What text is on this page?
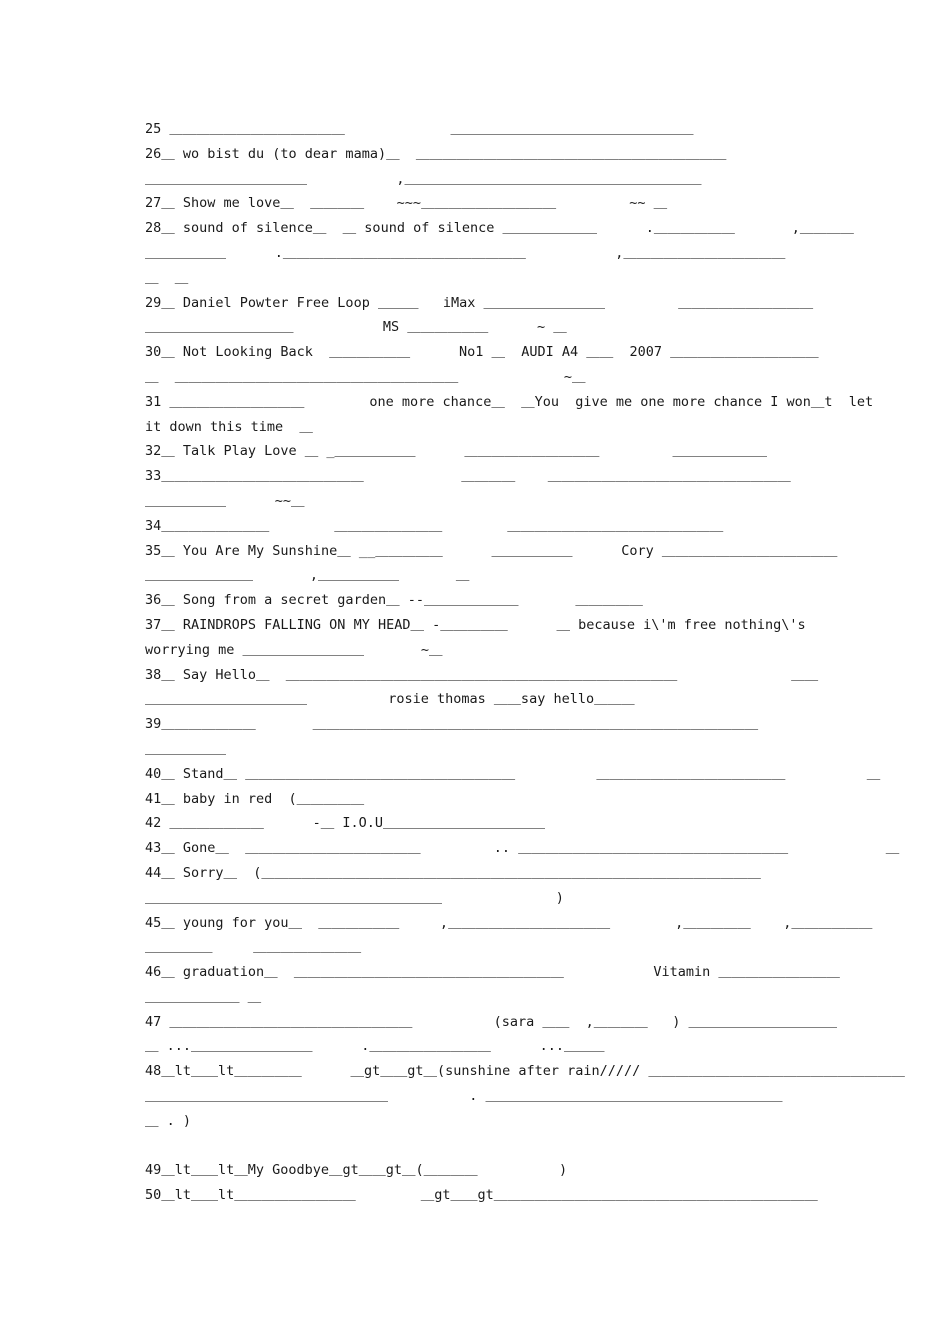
25 ＿＿＿＿＿＿＿＿＿＿＿＿＿             ＿＿＿＿＿＿＿＿＿＿＿＿＿＿＿＿＿＿
26＿ wo bist du (to dear mama)＿  ＿＿＿＿＿＿＿＿＿＿＿＿＿＿＿＿＿＿＿＿＿＿＿
＿＿＿＿＿＿＿＿＿＿＿＿           ,＿＿＿＿＿＿＿＿＿＿＿＿＿＿＿＿＿＿＿＿＿＿
27＿ Show me love＿  ＿＿＿＿    ~~~＿＿＿＿＿＿＿＿＿＿         ~~ ＿
28＿ sound of silence＿  ＿ sound of silence ＿＿＿＿＿＿＿      .＿＿＿＿＿＿       ,＿＿＿＿
＿＿＿＿＿＿      .＿＿＿＿＿＿＿＿＿＿＿＿＿＿＿＿＿＿           ,＿＿＿＿＿＿＿＿＿＿＿＿
＿  ＿
29＿ Daniel Powter Free Loop ＿＿＿   iMax ＿＿＿＿＿＿＿＿＿         ＿＿＿＿＿＿＿＿＿＿
＿＿＿＿＿＿＿＿＿＿＿           MS ＿＿＿＿＿＿      ~ ＿
30＿ Not Looking Back  ＿＿＿＿＿＿      No1 ＿  AUDI A4 ＿＿  2007 ＿＿＿＿＿＿＿＿＿＿＿
＿  ＿＿＿＿＿＿＿＿＿＿＿＿＿＿＿＿＿＿＿＿＿             ~＿
31 ＿＿＿＿＿＿＿＿＿＿        one more chance＿  ＿You  give me one more chance I won＿t  let
it down this time  ＿
32＿ Talk Play Love ＿ _＿＿＿＿＿＿      ＿＿＿＿＿＿＿＿＿＿         ＿＿＿＿＿＿＿
33＿＿＿＿＿＿＿＿＿＿＿＿＿＿＿            ＿＿＿＿    ＿＿＿＿＿＿＿＿＿＿＿＿＿＿＿＿＿＿
＿＿＿＿＿＿      ~~＿
34＿＿＿＿＿＿＿＿        ＿＿＿＿＿＿＿＿        ＿＿＿＿＿＿＿＿＿＿＿＿＿＿＿＿
35＿ You Are My Sunshine＿ __＿＿＿＿＿      ＿＿＿＿＿＿      Cory ＿＿＿＿＿＿＿＿＿＿＿＿＿
＿＿＿＿＿＿＿＿       ,＿＿＿＿＿＿       ＿
36＿ Song from a secret garden＿ --＿＿＿＿＿＿＿       ＿＿＿＿＿
37＿ RAINDROPS FALLING ON MY HEAD＿ -＿＿＿＿＿      ＿ because i\'m free nothing\'s
worrying me ＿＿＿＿＿＿＿＿＿       ~＿
38＿ Say Hello＿  ＿＿＿＿＿＿＿＿＿＿＿＿＿＿＿＿＿＿＿＿＿＿＿＿＿＿＿＿＿              ＿＿
＿＿＿＿＿＿＿＿＿＿＿＿          rosie thomas ＿＿say hello＿＿＿
39＿＿＿＿＿＿＿       ＿＿＿＿＿＿＿＿＿＿＿＿＿＿＿＿＿＿＿＿＿＿＿＿＿＿＿＿＿＿＿＿＿
＿＿＿＿＿＿
40＿ Stand＿ ＿＿＿＿＿＿＿＿＿＿＿＿＿＿＿＿＿＿＿＿          ＿＿＿＿＿＿＿＿＿＿＿＿＿＿          ＿
41＿ baby in red  (＿＿＿＿＿
42 ＿＿＿＿＿＿＿      -＿ I.O.U＿＿＿＿＿＿＿＿＿＿＿＿
43＿ Gone＿  ＿＿＿＿＿＿＿＿＿＿＿＿＿         .. ＿＿＿＿＿＿＿＿＿＿＿＿＿＿＿＿＿＿＿＿            ＿
44＿ Sorry＿  (＿＿＿＿＿＿＿＿＿＿＿＿＿＿＿＿＿＿＿＿＿＿＿＿＿＿＿＿＿＿＿＿＿＿＿＿＿
＿＿＿＿＿＿＿＿＿＿＿＿＿＿＿＿＿＿＿＿＿＿              )
45＿ young for you＿  ＿＿＿＿＿＿     ,＿＿＿＿＿＿＿＿＿＿＿＿        ,＿＿＿＿＿    ,＿＿＿＿＿＿
＿＿＿＿＿     ＿＿＿＿＿＿＿＿
46＿ graduation＿  ＿＿＿＿＿＿＿＿＿＿＿＿＿＿＿＿＿＿＿＿           Vitamin ＿＿＿＿＿＿＿＿＿
＿＿＿＿＿＿＿ ＿
47 ＿＿＿＿＿＿＿＿＿＿＿＿＿＿＿＿＿＿          (sara ＿＿  ,＿＿＿＿   ) ＿＿＿＿＿＿＿＿＿＿＿
＿ ...＿＿＿＿＿＿＿＿＿      .＿＿＿＿＿＿＿＿＿      ...＿＿＿
48＿lt＿＿lt＿＿＿＿＿      ＿gt＿＿gt＿(sunshine after rain///// ＿＿＿＿＿＿＿＿＿＿＿＿＿＿＿＿＿＿＿
＿＿＿＿＿＿＿＿＿＿＿＿＿＿＿＿＿＿          . ＿＿＿＿＿＿＿＿＿＿＿＿＿＿＿＿＿＿＿＿＿＿
＿ . )
49＿lt＿＿lt＿My Goodbye＿gt＿＿gt＿(＿＿＿＿          )
50＿lt＿＿lt＿＿＿＿＿＿＿＿＿        ＿gt＿＿gt＿＿＿＿＿＿＿＿＿＿＿＿＿＿＿＿＿＿＿＿＿＿＿＿
